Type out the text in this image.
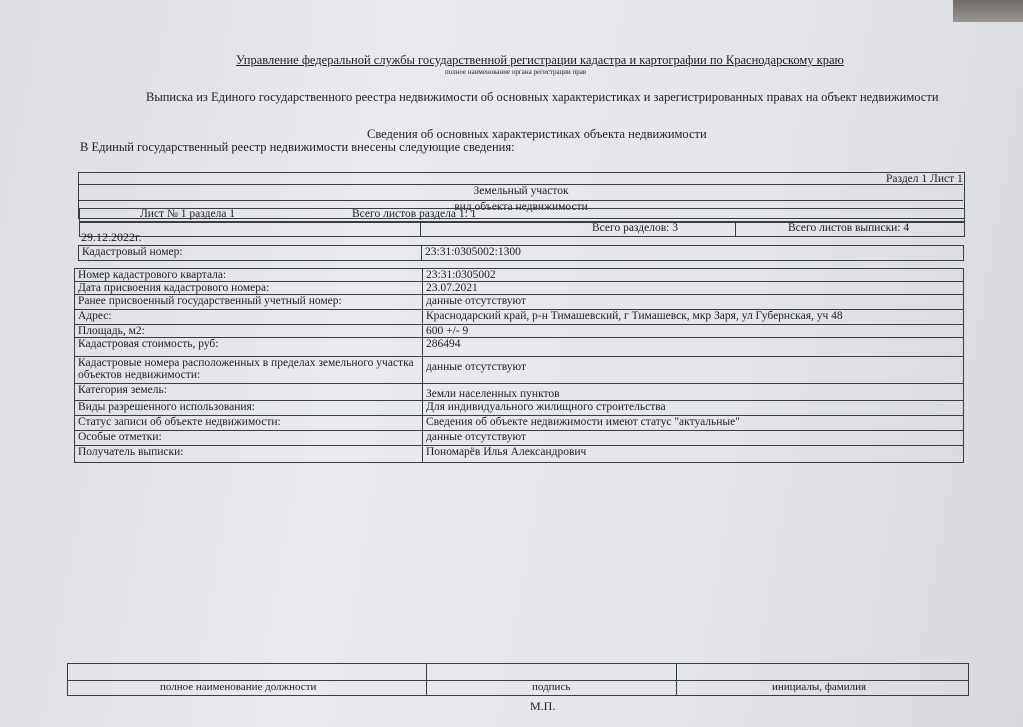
Управление федеральной службы государственной регистрации кадастра и картографии по Краснодарскому краю
полное наименование органа регистрации прав
Выписка из Единого государственного реестра недвижимости об основных характеристиках и зарегистрированных правах на объект недвижимости
Сведения об основных характеристиках объекта недвижимости
В Единый государственный реестр недвижимости внесены следующие сведения:
Раздел 1 Лист 1
Земельный участок
вид объекта недвижимости
Лист № 1 раздела 1	Всего листов раздела 1: 1
Всего разделов: 3	Всего листов выписки: 4
29.12.2022г.
Кадастровый номер:	23:31:0305002:1300
Номер кадастрового квартала:	23:31:0305002
Дата присвоения кадастрового номера:	23.07.2021
Ранее присвоенный государственный учетный номер:	данные отсутствуют
Адрес:	Краснодарский край, р-н Тимашевский, г Тимашевск, мкр Заря, ул Губернская, уч 48
Площадь, м2:	600 +/- 9
Кадастровая стоимость, руб:	286494
Кадастровые номера расположенных в пределах земельного участка объектов недвижимости:	данные отсутствуют
Категория земель:	Земли населенных пунктов
Виды разрешенного использования:	Для индивидуального жилищного строительства
Статус записи об объекте недвижимости:	Сведения об объекте недвижимости имеют статус "актуальные"
Особые отметки:	данные отсутствуют
Получатель выписки:	Пономарёв Илья Александрович
полное наименование должности	подпись	инициалы, фамилия
М.П.
